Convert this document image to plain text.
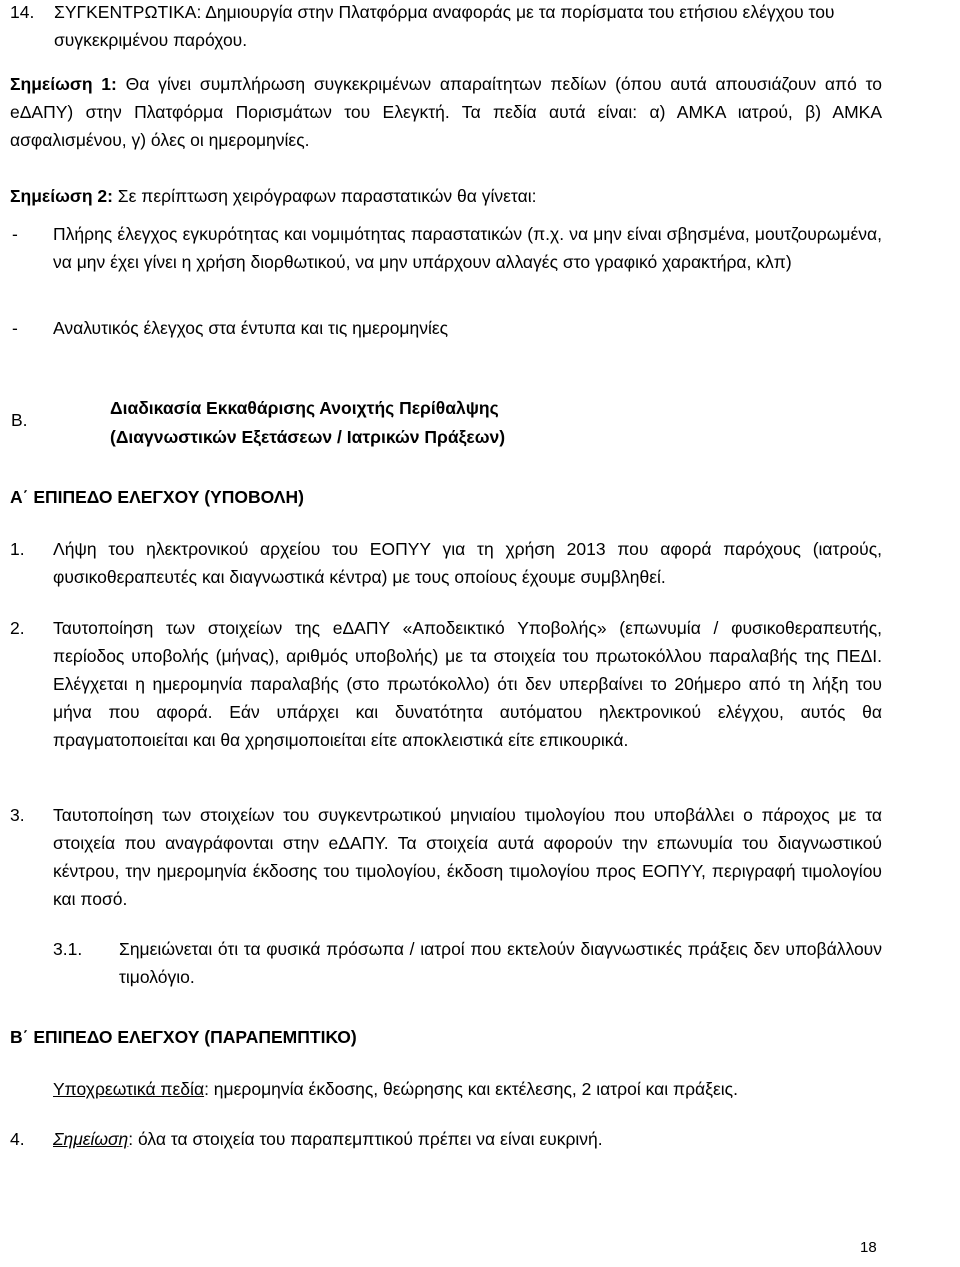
14. ΣΥΓΚΕΝΤΡΩΤΙΚΑ: Δημιουργία στην Πλατφόρμα αναφοράς με τα πορίσματα του ετήσιου ελέγχου του συγκεκριμένου παρόχου.

Σημείωση 1: Θα γίνει συμπλήρωση συγκεκριμένων απαραίτητων πεδίων (όπου αυτά απουσιάζουν από το eΔΑΠΥ) στην Πλατφόρμα Πορισμάτων του Ελεγκτή. Τα πεδία αυτά είναι: α) ΑΜΚΑ ιατρού, β) ΑΜΚΑ ασφαλισμένου, γ) όλες οι ημερομηνίες.

Σημείωση 2: Σε περίπτωση χειρόγραφων παραστατικών θα γίνεται:

- Πλήρης έλεγχος εγκυρότητας και νομιμότητας παραστατικών (π.χ. να μην είναι σβησμένα, μουτζουρωμένα, να μην έχει γίνει η χρήση διορθωτικού, να μην υπάρχουν αλλαγές στο γραφικό χαρακτήρα, κλπ)

- Αναλυτικός έλεγχος στα έντυπα και τις ημερομηνίες

Β.

Διαδικασία Εκκαθάρισης Ανοιχτής Περίθαλψης
(Διαγνωστικών Εξετάσεων / Ιατρικών Πράξεων)

Α΄ ΕΠΙΠΕΔΟ ΕΛΕΓΧΟΥ (ΥΠΟΒΟΛΗ)

1. Λήψη του ηλεκτρονικού αρχείου του ΕΟΠΥΥ για τη χρήση 2013 που αφορά παρόχους (ιατρούς, φυσικοθεραπευτές και διαγνωστικά κέντρα) με τους οποίους έχουμε συμβληθεί.

2. Ταυτοποίηση των στοιχείων της eΔΑΠΥ «Αποδεικτικό Υποβολής» (επωνυμία / φυσικοθεραπευτής, περίοδος υποβολής (μήνας), αριθμός υποβολής) με τα στοιχεία του πρωτοκόλλου παραλαβής της ΠΕΔΙ. Ελέγχεται η ημερομηνία παραλαβής (στο πρωτόκολλο) ότι δεν υπερβαίνει το 20ήμερο από τη λήξη του μήνα που αφορά. Εάν υπάρχει και δυνατότητα αυτόματου ηλεκτρονικού ελέγχου, αυτός θα πραγματοποιείται και θα χρησιμοποιείται είτε αποκλειστικά είτε επικουρικά.

3. Ταυτοποίηση των στοιχείων του συγκεντρωτικού μηνιαίου τιμολογίου που υποβάλλει ο πάροχος με τα στοιχεία που αναγράφονται στην eΔΑΠΥ. Τα στοιχεία αυτά αφορούν την επωνυμία του διαγνωστικού κέντρου, την ημερομηνία έκδοσης του τιμολογίου, έκδοση τιμολογίου προς ΕΟΠΥΥ, περιγραφή τιμολογίου και ποσό.

3.1. Σημειώνεται ότι τα φυσικά πρόσωπα / ιατροί που εκτελούν διαγνωστικές πράξεις δεν υποβάλλουν τιμολόγιο.

Β΄ ΕΠΙΠΕΔΟ ΕΛΕΓΧΟΥ (ΠΑΡΑΠΕΜΠΤΙΚΟ)

Υποχρεωτικά πεδία: ημερομηνία έκδοσης, θεώρησης και εκτέλεσης, 2 ιατροί και πράξεις.

4. Σημείωση: όλα τα στοιχεία του παραπεμπτικού πρέπει να είναι ευκρινή.

18
